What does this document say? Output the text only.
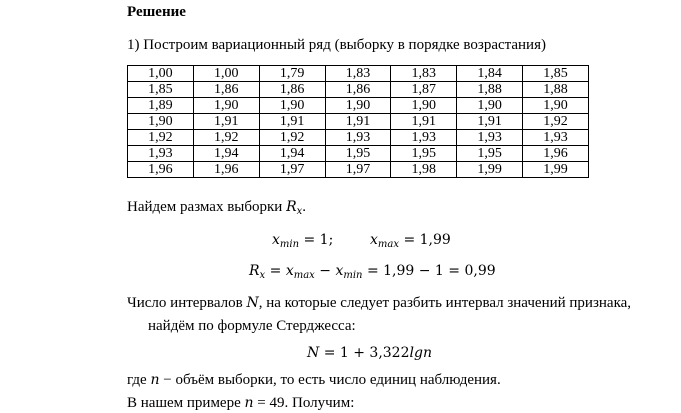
Решение
1) Построим вариационный ряд (выборку в порядке возрастания)
1,00	1,00	1,79	1,83	1,83	1,84	1,85
1,85	1,86	1,86	1,86	1,87	1,88	1,88
1,89	1,90	1,90	1,90	1,90	1,90	1,90
1,90	1,91	1,91	1,91	1,91	1,91	1,92
1,92	1,92	1,92	1,93	1,93	1,93	1,93
1,93	1,94	1,94	1,95	1,95	1,95	1,96
1,96	1,96	1,97	1,97	1,98	1,99	1,99
Найдем размах выборки $R_x$.
$x_{min} = 1$;	$x_{max} = 1,99$
$R_x = x_{max} - x_{min} = 1,99 - 1 = 0,99$
Число интервалов N, на которые следует разбить интервал значений признака,
найдём по формуле Стерджесса:
N = 1 + 3,322lgn
где n − объём выборки, то есть число единиц наблюдения.
В нашем примере n = 49. Получим:
